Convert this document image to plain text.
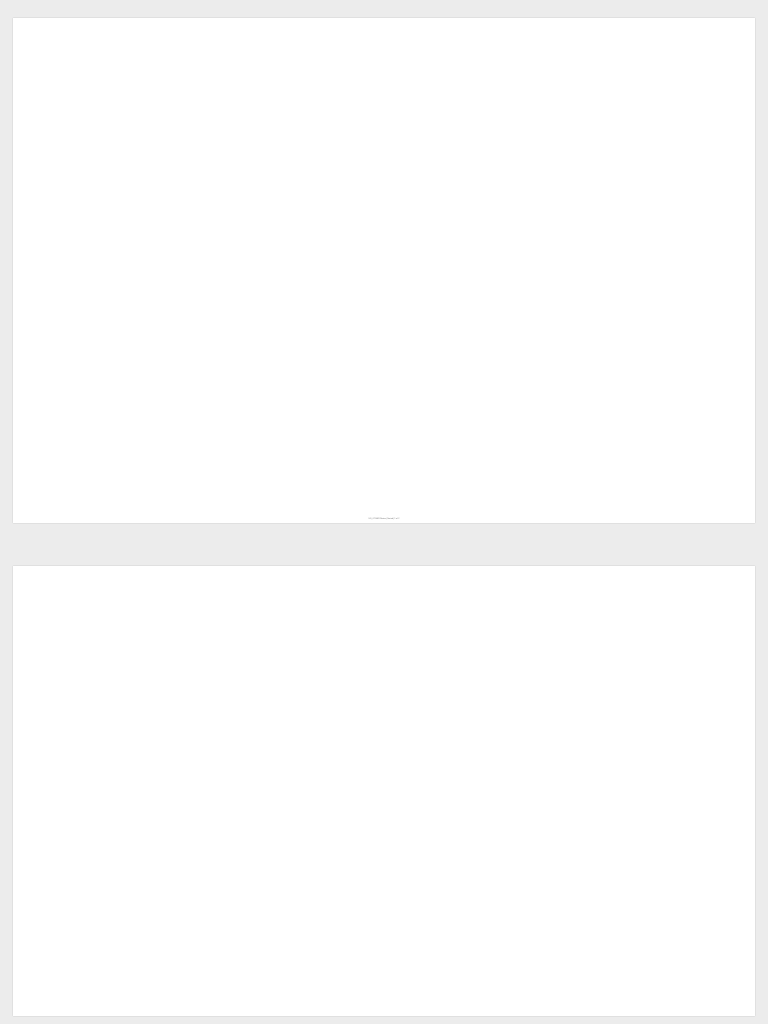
───────────────────	────	───	────	────	───────────────────────────────	─────────────	─────────────	──────────────────────────────────────	─────	───────	────────	───────────────────────────────────────────────────────
──────────────	────	───	─────	────	─────────────────────	─────────────	──────────────────	───────────────────────────	──────	────────	─────
────────────────────	────	────	───	──────	─────────────────────────────	──────────	──────────	────────────────────────────	─────────	─────	──────	──────────────────────────────────────────────────────────────────────────────
──────────────	─────	─────	────	────	────────────────────────────	──────────────	───────────────────────────	─────	─────	────	───────────────────────────────────────────────────
──────────────────────	────	───────	────	────	───────────────────────────────	────────────────	────────────────────────────────────────	──────	────	─────
────────────	───	──────	──────	──────	────────────────────────────────────────────	───────────────	────────────────────────────────────────────────	───────	───	──────	────────────────────────────────────────
─────────────────	────	──────	────	──────	────────────────	─────────────	───────────────────────────────────────	────	────────	──────
────────────────────	───	───	──────	──────	────────────────────────	──────	───────────────	──────────────────────────────────────────────────	────────	───────	─────
─────────────	──	───	───	────	─────────────────────────────────────────	────────	──────────────────────────────────────────	────	────	───────	────────────────────────────────────────────────
──────────────	───	──────	───	───	────────────────	───────	──────────────────────────────────────	────	─────	──────	─────────────────────────────────────────────────────────────────────
──────────────────	────	────	───────	─────	───────────────────────────────────	────────	───────	─────────────────────────────────────────────────────────	────	───	─────	──────────────────────────────
─────────────────────	───	────	─────	──────	────────────────────────────────	────────	──────────────────────────────────────────────────────────	────────	─────	─────────
──────────────────	─────	──────	────	────	─────────────────────────────────────	─────────────────	────────────────────────────────────────────	──────────	──────	─────────
───────────	─────	─────	─────	────	───────────────────────────────────────	────────────	────────────────────────────────────────	─────────	───────	────	──────────────────────────────────────────────────────
────────────────────────────	────	───	──────	───	──────────────────────	──────────	───────────────────────	──────────	─────	────
─────────────	────	────	──────	───	───────────────────────────────────────────	───────────	───────────────────────────────────────────────────────	─────	─────	──────
────────────────────	──	───	─────	───	────────────────────────────	──────────	───────────────────────	────	───────	──────
──────────────────────────	──	────	───	────	─────────────────	────────────	────────────────	───────────────────────	───────	────	──────	────────────────────────────────────────────────────────────────────
───────────────────	──	─────	──────	──────	────────────────────────────	────────────────	──────────────────────────────────────	────	────	────
─────────────────────	─────	────	────	───	─────────────────────	──────────────	──────────────────────────────────────────────────────	────────	────	───────	──────────────────────────────────────────────────────────────────
───────────────────────────	────	────	────	────	─────────────────────────────────	────────	────────────────	────────────────────────────────────────────────────	───────	──────	───────
───────────	──	────	───────	─────	────────────────────────────────────────────	────────────────	───────────────────────────────────────	────	───────	──────	──────────────────────────────────────────
───────────	───	────	───────	─────	──────────────────────────────────	───────	────────────────────────────────────────	─────	─────	──────	─────────────────────────────────────────────────────────
────────────────────	──	─────	─────	────	───────────────────	─────────	────────────	──────────────────────	────────	───	────	────────────────────────────────────────────────────
──────────────────────	─────	──────	───	──	─────────────────────────────────────────	────────────────	────────────────────────────────────────────────────	───────	────────	────	──────────────────────────────────────────────────────────────
───────────	────	────	────	──────	──────────────────────────────────	───────────	───────────────	──────────────────────	─────	───	──────	──────────────────────────────────────────
───────────────────	───	─────	───────	──	───────────────────────────	──────	────────	───────────────────────────────────	────	─────	────
───────────────	────	─────	─────	──────	────────────────────────────────────	───────────────	────────────────────────────────────────	─────	───────	─────
──────────────────	───	──────	───	────	─────────────────────────────	────────────	──────────────	──────────────────────────────	────────	───	──────
───────────	───	────	──	────	──────────────────────────────────────	───────	──────────────────────────────────────────	──────	──────	────
──────────────────	────	──────	───	──────	────────────────────────────────────────	─────────	──────────────────────────────────	──────	────────	────────
─────────────────	───	──────	───	─────	─────────────────────────────────	──────────	───────────────────────────────────────────────	────	─────	──────	────────────────────────────────────────────────────────
──────────────	──	───────	─────	───	───────────────────────	─────────	───────────────────────────────────────────────────	────────	─────	─────────	────────────────────────────────────
──────────	────	──────	─────	──	─────────────────	────────	──────────────────	──────────────────────	────	────	───────
────────────	───	─────	───	────	─────────────────	───────────────	──────────────────────────────────────────────────	──────────	────	─────────
───────────────────────	──	───	────	────	───────────────────────────────────────	───────────────	─────────────────────────────────────────────────────────────	─────────	────	─────
───────────────	────	────	────	───	─────────────────────────	─────────────────	──────────────────────	──────	────	─────────
────────────────────────	──	────	──────	────	────────────────────────────────────────	──────────	──────────────────────────────────────────────────────	────────	───────	────────
─────────────────────	──	──────	───────	───	──────────────────────────────	───────────	────────────────────────────	──────	────	─────	─────────────────────────────────────
─────────────	───	─────	────	───	─────────────────────────────────────	──────	────────	──────────────────────────	───────	─────	───────	─────────────────────────────────────────────────────────────
─────────────────────────	─────	────	─────	─────	────────────────────	─────────────	────────────────────────────────	───────	───	────
──────────────────────	──	──────	──────	──────	───────────────────────────	─────────────	────────────────────────────────────────────────────	─────────	───────	──────
───────────────────────	────	───────	──	──	───────────────────────────────────	──────────────────	────────────────────────────────	────	───────	─────
───────────────────────────	──	───	──────	───	────────────────────	────────────────	──────────────────────────────────────────────────────	───────	──────	────────	────────────────────────────────────────────────────────────────────
─────────────	──	──────	─────	──	──────────────────────	────────	──────────────────────────────────	──────	───────	───────
────────────────────────	───	────	───	───	─────────────────────	─────────	──────────────────────────────────────────────	────	────	──────────	──────────────────────────────────────────────────
──────────────────────	─────	───	───	──────	───────────────────	───────	───────────────────────────────────────	────	──────	────────
───────────────────────────	──	───	─────	────	────────────────────────────────────────	────────────────	──────────────────────────────────────────────────	────	───────	─────
─────────────────────	─────	──────	───────	───	───────────────────────────────────────	────────	─────────────	───────────────────────────────────	─────────	──────	─────	────────────────────────────────────
───────────────	────	──────	──────	─────	─────────────────────────────────────	─────────────	────────────	──────────────────────────────────────────────────────	──────	──────	─────
───────────────	────	─────	───	─────	────────────────────────────────────────────	────────────────	───────────────────────────────────────	────────	────	──────	───────────────────────────────────────────────────────
─────────────────	───	───────	──────	──────	─────────────────	──────────────────	─────────────────────────────	────	───	─────────	──────────────────────────────────────────────────────
───────────────	─────	──────	───	───	─────────────────────────	─────────────	─────────────────────────────────────────	─────	───	────────
──────────────	────	──────	─────	───	───────────────────────	─────────	───────────────────────────────────────────────	────	───	─────	────────────────────────────────────────────────────────────────────────────────
──────────────────	──	─────	──────	───	──────────────────────────────────────────────	──────────────────	───────────────────────────────────────────────────────────	────	──────	────────	────────────────────────────────────────────────────────────────────────────
──────────────────────	────	───────	────	────	───────────────────────	─────────────	─────────	────────────────────────────────────	─────	─────	───────
───────────────────────────	──	────	─────	───	─────────────────────	──────────────	───────────────────────────────────────────	─────	──────	──────────	──────────────────────────────────────────────────────────────
─────────────────────────	────	───	─────	───	────────────────────────	────────	───────────────────────────────────────────────────	───────	────────	─────────
───────────	──	───────	──────	─────	────────────────────────────	────────────	───────────────────────────────	─────	─────	─────────
────────────	────	────	───	───	──────────────────────────────────────────	────────────────	─────────────────────────────────────────────	──────────	───────	─────────
────────────────────────	───	─────	───────	──	──────────────────────────────	──────────────	─────────────────────────	────	──────	─────────
─────────────	─────	────	───────	──	───────────────────────	──────────	──────	───────────────────────────────────	────────	───	─────────	────────────────────────────────────────────────────────────────
──────────────	─────	────	──────	──────	────────────────────────────────	─────────	──────────────────────────────────────────────	──────────	─────	──────────
─────────────────────────	──	───	───────	───	───────────────────────────────────────	─────	────────	─────────────────────────────────────────────────────	────────	──────	──────
───────────────────────	───	──────	──────	──────	─────────────────────────────────────────────	────────────	───────────────	──────────────────────────────	────	──────	───────
──────────────────────────	───	────	───	────	────────────────	────────────────	──────────────────────────────────────────────────────────	─────────	───	───────	─────────────────────────────────────────────────────────────
────────────	──	──────	────	──────	─────────────────────	───────	──────	─────────────────────────────────────────────────	─────	───────	─────────
───────────────────────────	──	─────	───────	──────	──────────────────────────────	─────────────	─────────────────	────────────────────────────────────────────────────	────	────	───────	────────────────────────────────────────────────────────────────────────────
───────────────────────	────	────	──────	─────	──────────────────────────────────────	────────────	───────────────	───────────────────────────	──────	───────	─────
─────────────	─────	──────	────	────	───────────────────────────	────────────	───────────────────────────	─────────	────	───────	──────────────────────────────────────
─────────────────────────	────	──────	─────	──	────────────────────────	─────────────	──────────	──────────────────────	──────	────	───────
───────────────	──	───	───	───	─────────────────────────	───────	────────────────	───────────────────────────────────────────	───────	────	──────────
────────────────────────	────	──────	───────	───	────────────────────────────────────	──────────────	────────────	────────────────────────────────────────────────────────────	──────	──────	───────
────────────────────────	───	─────	───	───	──────────────────────	─────────────	────────	──────────────────────────	─────	───────	────────
───────────────────	──	───	──────	──────	────────────────────────────────────	─────────	───────────	─────────────────────────────────────────────	─────	──────	──────────
────────────	───	──────	───────	─────	──────────────────────────────	────────────────	──────────────────────	─────────	─────	─────────
──────────────────────────	───	─────	─────	─────	────────────────────────────────────────────	────────────	──────────	───────────────────────────────────────────────	────────	────	────────	───────────────────────────────────────────────────────────────────────
───────────────────────	──	─────	───	───	────────────────────	──────────────	──────────────	───────────────────────────────────────────────	────────	──────	───────
────────────────────	────	───────	──────	──────	──────────────────────	─────────	──────────────────────────	────────	───────	────	────────────────────────────────
─────────────────────	─────	────	───	─────	─────────────────────────	─────────────	───────────────────────────	─────	──────	──────
─────────────	───	───	──────	────	────────────────────────────	───────	───────	───────────────────────	──────────	─────	──────	──────────────────────────────────────────
─────────────────	───	─────	─────	─────	───────────────────	───────────────	─────────────────────────	────	───────	──────────	───────────────────────────────────────────────────────────
─────────────	──	───	───	───	──────────────────────	─────────────	─────────────────	─────────────────────────────────────────────────────────────	────────	────────	────────	──────────────────────────────────────────────────────
─────────────────────────	──	───	──────	─────	───────────────────	────────────────	──────────────────────	─────────	────	─────
───────────	──	───	───────	──	─────────────────────────────────	─────────	─────────	─────────────────────────────	──────────	──────	──────
───────────────	───	────	─────	───	──────────────────	───────────────	───────────────────────────────────────	─────	───	─────────
─────────────────────	────	────	───────	────	─────────────────────────────────────	──────────	──────────────────────────	──────	───	────
────────────────────────	─────	──────	───	──	──────────────────────────────────────────────	─────────────────	─────────────────────────────────────	──────────	───	──────	────────────────────────────────────────────────────────────────
───────────────────	─────	────	───	──	───────────────────────────	─────────	─────────────────────────────────	─────	────────	──────
─────────────────	──	────	───	───	───────────────────────────────	────────────	───────────────────────────────────────────────	─────	───────	────	────────────────────────────────────────────────────
──────────────────	───	──────	───────	─────	───────────────────────────	──────────────	────────────	─────────────────────────────────────	──────	──────	────	─────────────────────────────────────
──────────────────────	───	─────	─────	─────	────────────────────	──────	───────────	──────────────────────────────────────────────────────────	────────	───────	─────
──────────────────────	───	────	────	───	────────────────────────	─────────────	───────────────────────────	──────	────	──────
────────────────────	───	───────	───────	────	──────────────────────────────────	──────────	──────────────────────────────────────────────	───────	───	──────
─────────────────	───	────	─────	───	─────────────────────	────────	─────────────────────────────────────────────	──────────	─────	──────────	──────────────────────────────────────────────────────────────────
────────────────────────	─────	────	────	────	──────────────────────────────────	──────────	───────	────────────────────────────────────────────────	──────	────	────	─────────────────────────────────────────
────────────	─────	──────	───────	────	─────────────────	──────────	─────────────	───────────────────────	───────	───────	────
────────────	────	─────	───────	───	──────────────────────────────────	────────	───────────────────────────	────────	───────	───────
────────────────────────	───	─────	────	──	──────────────────────────────────────────────	────────────	─────────────	────────────────────────────	─────	─────	────
───────────────	───	─────	────	────	───────────────────────	───────────	─────────	─────────────────────────────────────────────────────	──────	────────	────	────────────────────────────────────────────────────────────────────
──────────────	──	───	──────	──────	──────────────────────────	─────	──────────────────	─────────────────────────────────────────	─────────	─────	───────
───────────────────────────	───	──────	───	──────	─────────────────────────────────────────────	─────────	──────────────────────────────────────	────	──────	───────
──────────────────────────	─────	────	───	─────	───────────────────────────────────────────	─────────────	───────────────────────────────────────────	───────	───────	────────
────────────────────────	────	────	──	───	─────────────────────	───────────	────────────────────────────────────────────────	─────────	───────	────	───────────────────────────────────────────────────────────────────────
───────────	───	──────	──────	──	─────────────────────────	──────────	───────────────────────────────────────────────	──────	───────	─────	──────────────────────────────────────────────────────────────────────
────────────────────	───	──────	───────	────	───────────────────	─────────────────	───────────────────────────────	─────────	────	───────	─────────────────────────────────────────────────────────
─────────────────────	──	─────	──────	───	──────────────────────────────	──────	────────────────	───────────────────────────────────────────────	─────────	───	──────	──────────────────────────────────────────────────────
────────────────────────	───	─────	────	─────	────────────────────────────────────────	─────────────────	─────────────────────────────────────────	───────	───	────	─────────────────────────────────────────────────────────────────────────
──────────	───	─────	──────	──────	─────────────────────────────────	───────	──────────────────────────────────────	──────────	────	──────
──────────────────────────	──	────	────	─────	────────────────────────────────────────────	───────────────	─────────────────────────────────────────────────────────	─────────	───────	──────
───────────────────────────	──	──────	──────	───	───────────────────	───────────	───────────────────────────────────────────────────	──────	───────	─────
───────────────────────────	────	──────	────	──	────────────────────────────	─────────	─────────	────────────────────────	─────	──────	──────
────────────	───	───────	──	──────	────────────────────────────────────	──────────────────	──────────────────────────────────────────	─────────	───	─────────
────────────────────────	───	────	────	──	─────────────────────────────────────	───────────	──────────────────	───────────────────────────────────────────────────────	──────	──────	────────
───────────	──	────	──────	────	────────────────────────	────────	──────────────────────────	─────	───────	─────
──────────────────────	──	─────	───	──	─────────────────────────	──────────────	───────────────────────────────────────────────────────	─────────	────	──────
───────────	────	────	──────	─────	────────────────────────────	────────	────────────────────────────────────────────────	─────	─────	───────
─────────────────────────	───	───────	───────	────	────────────────────────────────────────────	──────────────	──────────────────────────────	───────	───	─────
───────────	───	─────	───	──	────────────────────────────────────────	──────────────	────────────────────────────────	─────	──────	─────	──────────────────────────────────────────────────────────
────────────	────	─────	────	───	──────────────────────────	──────────────	─────────────────────────	────────	────────	─────
───────────────────────	───	────	────	─────	─────────────────────────────────────	──────────────	────────────────	─────────────────────────────────────────────	─────	────	────	─────────────────────────────────────────────────────
─────────────	─────	──────	───	──	──────────────────────────────	───────	─────────────────────────────	───────	────	─────
───────────	──	─────	───────	───	─────────────────────────	────────────────	──────────────────────────────────────────	───────	─────	───────	─────────────────────────────────────────────────────────────
─────────────────────────	───	─────	──────	─────	─────────────────────────────────────────	───────────────	─────────────────────────────────────────────────────	──────	──────	─────────
──────────	───	─────	───	──────	──────────────────	────────────────	────────────────────────────────────────────────────	───────	─────	────
───────────────	───	──	──────	──────	────────────────────────────	─────────	───────	────────────────────────────	─────	─────	──────────
───────────	──	───	───	─────	────────────────────	──────────	───────	─────────────────────────────────────────────────	──────────	────	──────────	────────────────────────────────────────────
──────────────────	──	────	─────	────	─────────────────────	────────	──────────────────────────────────────────────────────────	──────	─────	────
──────────────────────	──	──────	────	───	────────────────────────	────────	────────────────────────────────────────────────────────────	─────────	───	─────
─────────────────────	───	───	───────	──	────────────────────────	───────────	─────────────────────────────────────	─────	───	─────────
───────────────	──	──	─────	────	───────────────────────	──────────────	───────────────────────────────────────────────────────	────	───────	─────	────────────────────────────────────────────
────────────────────────────	────	──────	────	────	───────────────────────────	─────────────────	───────────────────────────────────────────────────	────────	────	─────
──────────	──	──────	─────	───	──────────────────────────────────────	───────────	───────────────────────────────────────────────────────	────────	─────	───────	─────────────────────────────────────────────────────────────────────
─────────────	──	─────	────	──────	────────────────────────────────	──────────────	────────────────	─────────────────────────────────────	─────────	───	─────
────────────────────	──	────	──────	────	────────────────────────────────────────	─────────────────	────────────────────────────────────────────────	─────────	──────	──────
───────────────────────────	───	─────	─────	─────	───────────────────────────────	───────────	─────────────────────────────────────────────	─────────	─────	─────
────────────────	─────	──────	─────	──	─────────────────────────────	───────	────────────────────────────────────────────────────	────────	─────	────	───────────────────────────────────────────────
──────────	─────	────	──────	──────	─────────────────	────────────────	─────────────────────────────────────────────	─────────	───────	───────
───────────────────	──	─────	────	──	────────────────────	─────────────	─────────────────────────────	───────	───	────
────────────────────────────	──	───	──────	──────	────────────────────────	────────────────	────────────────────────	────────	────	─────────
──────────────────	─────	───────	───	──────	──────────────────────────	────────	───────────────────────	─────────	────────	───────	───────────────────────────────────────────────────────────────────────
─────────────	──	───	─────	─────	──────────────────────────	──────────────────	─────────────────────────────────────────────────────────	───────	──────	────	───────────────────────────────────────────────────────────────────────
───────────────────	──	───	────	─────	─────────────────────────────────────────────	──────────	───────────────────────────────────────────────────	────────	──────	─────────
───────────────────────	────	───	────	────	──────────────────────────────────────────────	────────	──────────────────────	────	───────	───────	────────────────────────────────────────────────────────────────────
─────────────────────────	──	─────	─────	─────	──────────────────────────────────	─────────	───────────────────────────────────	──────	────────	────
───────────────	───	─────	──────	─────	─────────────────────────────────────────────	─────────	──────────────────────────────	─────────	─────	────────	────────────────────────────────────────────────────────────────────────────────
───────────────────────	──	───	──────	────	──────────────────	───────────	──────────────────────────────────────────	──────────	────	─────────
──────────────────────	───	────	───────	────	──────────────────────────────────────────────	────────────────	──────────────────────────────	───────	──────	──────
───────────────	─────	──────	────	───	───────────────────────────────	─────────────	──────────────	──────────────────────────────────────────────────────────────	────	──────	───────
──────────────────────	──	───	────	──────	─────────────────────────────────────────	───────────	───────────────	────────────────────────────────	────────	─────	─────
──────────────	────	───	─────	────	────────────────────────────	───────────────	────────────────────────────────────────────	───────	─────	────	─────────────────────────────────────────────────────────────────────────────
───────────────	─────	──────	──────	───	─────────────────────────────────	──────────────	────────────────────────────────────────	────────	──────	──────────	─────────────────────────────────────────────
───────────────────	───	────	─────	─────	──────────────────────	─────────────────	───────────────────────────	──────	────	────────	───────────────────────────────────────────────────────────────────────────
───────────	──	─────	───────	────	──────────────────────────────	──────────────────	─────────────────────────────	──────	───────	────
──────────────	───	─────	───────	──────	─────────────────────────────────	─────────────	────────────	──────────────────────────────────────────────	───────	──────	──────
─────────────────────	──	───	──────	──────	────────────────────────────────────────	─────────────	──────────────────────	──────────	────	────
───────────────────	────	──────	──────	─────	──────────────────────────────────────	──────	───────────	─────────────────────────────────────────────	────	───	────
──────────────	──	────	────	────	──────────────────────────────	─────────────────	──────────────────────────────────────────────────────────	────────	─────	──────────
────────────	──	──────	─────	─────	──────────────────────────────	────────	─────────────	──────────────────────────	─────	─────	────
──────────────────────	───	──────	────	────	──────────────────────	─────────────	─────────────	──────────────────────────────────────────────	─────────	─────	─────────
───────────	───	───	───────	────	─────────────────────────────	────────────────	─────────────────────────────────────────────────────────────	────	───────	─────	───────────────────────────────────────────────────────────────
───────────────────	───	───────	────	─────	─────────────────────────────────────────────	─────────────	─────────	───────────────────────────────────	────	────	─────	──────────────────────────────────────
─────────────────	─────	─────	───	───	────────────────────────────────────────────	──────────	─────────────────────────────────────────────	────	──────	──────────	──────────────────────────────────────────────────────────────────
──────────────────	───	──────	─────	────	─────────────────────────────	──────────────	────────────────────────────────────────────────────────────	─────────	────	─────────	─────────────────────────────────────────────────────────────────────────────
─────────────────	───	──────	───	────	──────────────────────────────────	───────────────	────────────────────────────────────────────	─────────	────	────
────────────────────────	────	───	─────	─────	──────────────────	──────────	─────────────	─────────────────────────────────────────────────	────────	────	─────────
──────────────	──	────	───	────	───────────────────────────────────────────	─────────────────	──────────────────────────────────	────────	─────	────
──────────────────────	────	──────	───────	───	───────────────────────────────	───────────────	────────────────────────────────────────────────────	─────	───	─────────	────────────────────────────────────────────────────────────────────────────
────────────	────	─────	───	────	───────────────────────────────	─────────────	────────	──────────────────────────────────────────────────	─────	───────	─────
─────────────	─────	────	────	────	──────────────────	─────────	──────────────────────────────────────	─────	──────	─────────
─────────────────────────	────	───────	─────	────	─────────────────────	─────────	───────────────	───────────────────────────────────────────────────────	─────	────	─────	─────────────────────────────
─────────────────────────	────	─────	──────	──	────────────────	─────────────────	─────────────────────────	────	─────	────	───────────────────────────────────────────────
───────────────────	───	──────	─────	──	───────────────────────────	────────────────	────────────────────────────────────	──────────	────────	─────
───────────────────────────	───	────	───	───	───────────────────────────────────	─────────	─────────	────────────────────────────	────	─────	────────
────────────────────────	──	─────	──────	─────	─────────────────────────	──────────	─────────────────────────────────	────────	────────	─────────
─────────────	────	──────	────	─────	─────────────────────────────────	────────────	──────────	────────────────────────────────────────────	────	──────	─────	────────────────────────────────────────────────────────────────
──────────────────────	───	───	───	──	───────────────────	────────────	─────────	──────────────────────	─────────	────────	─────
────────────────────	──	──────	─────	───	───────────────────────────────────	───────	────────────────────────────────────────	─────	───────	────────
─────────────────────────	─────	────	──────	────	──────────────────────────────	──────────	───────────	─────────────────────────────────────────────────────────	─────────	──────	─────────
─────────────────	───	─────	────	─────	──────────────────────────────────────────	──────────	──────────────────────────────────────────────────────────	─────	───────	────	───────────────────────────────────────────────
───────────	────	─────	───────	────	─────────────────────────────────────	────────────────	──────────────────────────────────	────────	────	────────	───────────────────────────────
─────────────────	────	──────	──────	───	──────────────────────────────────────	──────	───────────	────────────────────────	────	────	─────────
──────────────────	──	──────	──────	──────	───────────────────	───────	───────────────────────────	────────	──────	─────	───────────────────────────────────────────────
────────────────────────	───	────	───	─────	─────────────────────────	──────────	────────────────────────────────────────	──────	───────	─────	───────────────────────────────────────────────────────────
─────────────	──	───	─────	───	───────────────────────────────────	────────────────	───────────────────────────────────────────────────	───────	────	─────────
──────────────────────	──	────	──────	────	────────────────────────────────	────────────	──────────────	──────────────────────────────────────────────────────	────────	────	──────
────────────────────	───	───	───	─────	───────────────────────────────	─────────────	─────────────────────────	─────────	────────	──────
─────────────	────	─────	──────	─────	─────────────────────────────────	─────────	───────────	────────────────────────────────────────────────────────────	────────	─────	─────
──────────	────	──────	─────	────	────────────────────────────────────	─────────	─────────────────────────────────────────	───────	────	────────
───────────────────────────	─────	────	──────	───	─────────────────────	────────	────────────	──────────────────────────────────────────────────	───────	───────	───────	─────────────────────────────────────────────
───────────	─────	─────	───────	──────	────────────────────	───────────────	──────────────────────────────	─────────	──────	─────
───────────────	────	──────	───────	──	──────────────────────────────────────────	──────────────	────────────────────────────────────────────────────	─────────	───────	────────	─────────────────────────────────────
────────────────	─────	───────	──────	──────	────────────────────────────────────	────────────	───────────────────────────────────────────────────	───────	────────	───────
────────────────────────	───	───	────	──	──────────────────────────────────────	──────────	────────────────	─────────────────────────────────────────────	───────	───────	────	─────────────────────────────────────
──────────────────────────	───	───	─────	──	──────────────────────────	────────────────	────────────────────────	─────	───	────────	────────────────────────────────────────────
────────────────────────	───	──────	──────	─────	───────────────────	──────────	───────────────────────────────────────────	───────	───────	───────	──────────────────────────────────────────────
────────────────────	───	─────	───────	─────	───────────────────────────────────────	──────	───────────	───────────────────────────────────────────────────	─────	────────	─────────
────────────────────────	──	────	────	──────	────────────────────────	─────────────	────────────────────────────────────────	────	──────	───────	─────────────────────────────────────────────
───────────────────────	───	───	─────	─────	─────────────────────────────────────	────────	─────────────────────────────	─────────	────	────	───────────────────────────────────────
─────────────────────────	────	──────	──────	──	────────────────	────────────	───────────────────────────────────────────────	─────	─────	──────────
──────────────────	───	─────	──────	───	──────────────────────────────────────────────	────────	──────────────────────────────	──────	─────	───────	───────────────────────────────────────────────────
────────────────────	───	─────	─────	──────	─────────────────────────────	──────────	─────────────────────────────────	────	───	───────
───────────────────	────	─────	───	───	─────────────────────────────────────────	───────	────────────	──────────────────────────────────	───────	───	─────────	────────────────────────────────
───────────	─────	──────	─────	──────	──────────────────────────────────	───────────────	───────────────────────	──────────	───────	───────
─────────────────	───	───	───	──────	────────────────	─────────────	─────────────	─────────────────────────	───────	────	──────	───────────────────────────────────────────────────────────
──────────────	───	──────	────	────	─────────────────────────────	────────────────	─────────────────────────────────────────────────────────	─────	────────	───────	─────────────────────────────────────────────
────────────────────────	────	───	───	────	───────────────────	───────	───────────────────────────────────────	────────	─────	───────
─────────────────	─────	────	───	──	──────────────────────	──────	──────────────	─────────────────────────────────────────────────────────	─────────	────────	────────	─────────────────────────────────────────────────────────────────────
───────────	───	────	────	─────	────────────────────	───────────	─────────────	────────────────────────────────────────	────	───	────
───────────────────────────	───	───	──────	────	─────────────────────────────────────────	─────────	─────────────────────────────────────────────────	─────────	───────	─────
──────────────────────	────	────	───	──────	──────────────────────────────────────────	──────────────────	────────────────────────────────────────────────────	──────────	────	───────	───────────────────────────────────────────────────
─────────────────	────	──────	───────	─────	────────────────────────────────	─────────	─────────────────────────────────────	────────	────	────────
────────────────	────	───────	──────	──	───────────────────────────────────────────	──────	───────	────────────────────────────────────────────────────────	─────	───────	─────
─────────────────	────	────	────	────	──────────────────	─────────	──────────────	───────────────────────────────────	────────	─────	────
───────────────────────	────	───	───	──	───────────────────────────────────────────	────────	────────────────────────────────────────────────────	──────	──────	────	────────────────────────────────────────────────────────────────
──────────────	────	───────	──────	───	───────────────────────────────────────	─────────	────────────────────────────────────────────	────	────	────────
───────────────────	────	─────	─────	──────	───────────────────────────────────	───────────────	─────────────────────────────────────────	───────	──────	───────	──────────────────────────────
─────────────	───	────	──────	────	─────────────────────────────────────────	────────────────	──────────────────────────	──────────	───────	───────	─────────────────────────────────────────────────────────────────────────
──────────────────	──	────	────	───	────────────────────────────────────────	───────────────	─────────────────────────────────────────────	─────────	────	────	──────────────────────────────────────
────────────────────────	──	──────	───	───	────────────────────────────────────	───────────────	───────────────────────────	──────────	───	───────
────────────────────────	───	────	───	───	────────────────────────────────────	───────────	─────────────────────────────	─────────	───	─────
────────────────────────────	──	────	────	───	────────────────────────────────────	──────────	───────────────────────────	──────	─────	─────
──────────────	───	─────	───────	──	───────────────────────────────────────	──────────	───────	─────────────────────────	──────	───────	─────
────────────────	──	─────	───	───	───────────────────────────────────────────	──────────────	──────────────────────────	──────	───	────────
───────────────────────	──	──────	───	─────	────────────────────────	──────────────────	──────────────────────────────────────────	────	────	──────────	─────────────────────────────────
───────────	─────	──────	───	───	──────────────────────────────────────	───────	──────────────────────────────────────	────	─────	─────
─────────────────────────	────	───	──────	──────	─────────────────────────────────	───────────────	────────────────────────────────────────────	─────────	────	───────
──────────	────	──────	────	─────	────────────────────────────────	────────	───────────────────────────────	─────────	────────	──────
──────────────────────────	───	──────	────	────	────────────────────────────────	─────────	─────────────────────────────────────────	─────────	────	────	────────────────────────────────────────────────────────────
───────────────────	───	───────	────	───	─────────────────────────────────	─────────────	──────────────────	────────────────────────────────────────────────────────────	──────────	──────	───────
───────────────────────	──	───────	──────	───	───────────────────────────────────	───────	───────────────────────────────────	─────────	────	───────
───────────────	───	──────	────	─────	─────────────────────	───────────	───────	─────────────────────────────────────────────────	─────────	───────	────────
────────────────────────────	───	───────	──────	────	──────────────────────────────────────────	─────────	────────────────────────────────────────────	───────	────────	──────	────────────────────────────────────
──────────────────────────	──	───	────	──	──────────────────────────────────	─────────	───────────────────────────────────────────────────	─────	────────	──────────	──────────────────────────────────────────────────────────────────────────
────────────────────────	──	───	─────	──────	──────────────────────────────	──────────	─────────────────────────	────────	──────	──────
─────────────────	─────	─────	──────	──	───────────────────────────────	────────	───────────────────────────────────────────────────────	─────────	──────	────	──────────────────────────────────────────────────────────────────────────────────
────────────────────	─────	─────	──────	────	─────────────────────────────────────────	─────────	────────	───────────────────────────	────	───	────
────────────────────────	───	───────	──────	────	───────────────────	───────────────	──────────────────────────────────────────────	────────	──────	─────────	──────────────────────────────────────────────────────────────────
─────────────────	────	───	─────	─────	────────────────────────────────	─────────────	──────────────────────────────	─────	──────	───────
─────────────────	──	────	───	───	────────────────────────────────────	─────────	────────────────────────────	────────	──────	─────	─────────────────────────────────────────────────────────────────────────────
─────────────	────	────	─────	──	─────────────────────────────	───────	─────────────────────────────────────────────	─────────	───	─────
────────────────────	────	──────	──────	────	──────────────────	───────	─────────────────────────────────	───────	──────	─────────
──────────────────────────	─────	─────	───	───	─────────────────────────	────────	───────────────────────────────────	────	───────	────
──────────	──	──────	───────	────	────────────────────	──────	─────────────────	───────────────────────────────────────────────────	──────────	──────	──────
──────────────────	────	──────	───	─────	─────────────────────────────	──────────────────	─────────────────────────────	─────	────────	──────
US_OTHER Roster (Sorted) 1 of 2
───────────	────	────	──────	──	─────────────────────────────────────────	────────	─────────────	───────────────────────────────	────────	────────	──────────
────────────────	────	──────	────	───	───────────────────	─────────────	──────────	──────────────────────────	─────────	───────	─────────
───────────────────────────	────	──────	───	───	───────────────────────────────────	────────────────	───────────────────────────────────────────	───────	──────	──────────
───────────────	───	───	───	──	───────────────────	─────────────	────────────────────────────────────────────	─────	────	────	──────────────────────────────────────────────────────────────
──────────────────────────	──	───────	─────	────	───────────────────────────────────────	──────────	──────────────────────────────────────	────	─────	──────
───────────	─────	───	─────	─────	─────────────────────	─────────────────	─────────────────────────────────────────────	──────	───	─────────
─────────────────────	──	───	───────	──	───────────────────────────────────────	──────────────────	────────────────────────────────────────────────────────────	───────	─────	────
───────────────────	───	────	───────	────	───────────────────────────────────────	───────────	────────────	─────────────────────────────	──────	────────	─────────	────────────────────────────────────────────────────
──────────────────	───	─────	────	───	───────────────────────────────	───────────	───────────────────────────────────────────────────────	─────────	────	──────────	──────────────────────────────────────────────────────────────────────────────────
───────────────	────	────	───	────	───────────────────────────────	──────	──────────────────	────────────────────────────────────────────	──────────	────	─────────
────────────────────	───	───	─────	────	──────────────────────────	─────────────────	─────────────────────────────────────	────────	───────	────────
────────────────────	─────	───────	──────	───	───────────────────────────────────────────	───────	─────────────────────────────────────────────────────────	────────	────────	──────
──────────────	────	────	────	───	──────────────────────────────	──────────────	───────────────────────────────────────────	────────	────	─────────
─────────────	─────	─────	───	──	──────────────────────────────────────────────	──────────────	────────────────────────────────────────────────────────	─────────	────	──────	──────────────────────────────────────────
──────────────	───	───────	─────	────	───────────────────────────────────────────	──────	────────────────────────────────────────	────────	─────	────	──────────────────────────────────────────
──────────	──	──────	──────	────	────────────────────────────	───────	─────────────	────────────────────────────────────────────────────────	─────	───────	─────────	───────────────────────────────────────────
───────────────	────	─────	──────	─────	─────────────────────	─────────────────	─────────────────────────────────────	──────────	───────	────────
────────────────────	───	───	──────	──────	─────────────────────────────	─────────────────	────────────────────────────────	─────	──────	──────────	────────────────────────────────────────────
──────────────────────────	──	─────	─────	─────	───────────────────────────────────────────	───────	─────────────	───────────────────────────────────────────	────	───	────────
────────────────────────	───	────	───	─────	─────────────────────────────────	─────────	────────────────────────────────────────────────────────	──────	─────	───────	─────────────────────────────────────────────────────────
────────────	──	───	──────	──────	───────────────────────────────────	────────────────	─────────────────────────────────────	─────────	─────	─────────
────────────────────────	───	──────	─────	────	───────────────────	─────────	────────	────────────────────────	─────────	────	───────	────────────────────────────────
───────────	───	──────	───	───	────────────────	──────────	──────────────────────	────	───────	─────	─────────────────────────────
─────────────	──	─────	───	─────	────────────────────────────────────────	──────────	─────────────────────────────	────	────	────
──────────	─────	────	───────	──	──────────────────────────────────────────────	───────	───────────────────────────────	─────	────	───────
───────────────────────────	──	────	──────	────	───────────────────────────────────────	──────────	───────────────────────────────────────────────────────	────	───────	────
─────────────	────	─────	───	────	───────────────────────────────────	──────────	──────────	────────────────────────────────	───────	────────	─────
───────────────────────────	───	────	──────	──	─────────────────────	───────────────	───────────────────────────────────────	─────	───────	───────
─────────────────────────	──	──────	───	───	──────────────────────────────────────	─────────────	───────────────────────────────────────────────────────────	─────────	─────	─────────	──────────────────────────────────────────────
───────────────────────	────	─────	────	───	──────────────────────────────────	───────────────	────────────────────────────────────────────────────────	───────	─────	────────	───────────────────────────────────────────────────────────
───────────────────────	────	──────	───	───	──────────────────────────	─────────────	─────────────────────────────────────────────────────	────	─────	──────	───────────────────────────────────
────────────────────────	────	───	───	─────	───────────────────────────────────────	─────────────	─────────────	───────────────────────────────────────────────────────────	─────	───────	────
───────────	──	──────	──────	──	─────────────────────────────────────────	────────────	─────────────────	───────────────────────────────────────────────	──────	─────	─────────
───────────────────────────	──	────	─────	─────	───────────────────────────────	──────	──────────	────────────────────────────────────────────────────	──────────	────	─────────
────────────────────	──	───────	──────	────	───────────────────	────────────────	───────────────────────────	─────────	─────	───────
────────────────────	────	─────	──────	───	─────────────────────────────────────	───────	───────────────────────────────	────	───	───────
────────────────────	──	─────	──────	────	──────────────────────────	────────────────	──────────────────────────────────────────────	────────	───────	─────────	───────────────────────────────────────────────────────
────────────────────	──	─────	───────	──────	──────────────────────────────	───────	─────────────────────────────────────────	──────────	───	────	──────────────────────────────────────────
──────────────────────	──	───	──────	──────	──────────────────────────────────────────	─────────────────	──────────────────────────	───────	──────	─────	───────────────────────────────────────────────────────────
─────────────────────	──	───────	──────	────	────────────────────────────	───────────────	─────────────────────────────	───────	─────	─────────	─────────────────────────────────────────────────────────────────
─────────────────────	───	───	───	──	───────────────────────	───────	──────────────────────────────────	───────	──────	─────────
───────────────	──	─────	────	─────	─────────────────────────────	─────────────	────────────	─────────────────────────────────────────	─────	───	──────	────────────────────────────────────────────────────────────
────────────────	────	─────	──────	─────	────────────────────────	─────────────	──────────────────────────────	─────	──────	─────────
───────────	───	─────	─────	────	─────────────────────────────────────────────	─────────────	─────────────────────────────────────	──────	───────	─────
──────────────────────────	─────	───	───	──────	──────────────────────────────────────────	──────────────	───────────────────────────	──────	─────	──────
────────────────────────	─────	────	───	───	──────────────────────────────	─────────────	──────────────────────────────	────	──────	──────────
────────────────────	───	───────	───	────	────────────────────	────────────	────────────────	─────────────────────────────────────────────────────	──────────	─────	──────────	─────────────────────────────────────
─────────────	──	─────	───────	──────	────────────────────────	────────	──────────────────────────────────────	───────	────	───────	───────────────────────────────────────────────────
──────────────────────────	───	────	───	─────	──────────────────────	─────────	──────────────────────────────────────────────	───────	───	─────────
─────────────────────────	───	───	──────	─────	────────────────────────────	─────────	──────────────────────────────────────────────────────────────	─────	────	─────
────────────	────	─────	─────	─────	─────────────────	─────────────	───────────────────────────────	────	───────	────────	───────────────────────────────────────────────────────────────────────
────────────────────	──	──	─────	────	─────────────────────────────────────────	───────	────────────────────────────────────────────────	────	───────	──────────
─────────────	──	──────	──────	────	──────────────────────────────────────────	──────────────	────────────────────────────────────────────	──────────	───────	─────
────────────────────	──	──────	────	─────	─────────────────────────	──────────────	───────────────────────────────────────	────	───	────────	────────────────────────────────────────────────────────
───────────────	────	────	──────	────	─────────────────	────────────	────────────────────────────────────────────────────────────	─────	─────	───────	─────────────────────────────────────────────────────────────────
─────────────	───	─────	────	────	───────────────────────────────────	────────	─────────────────────────────	─────────	──────	────────	─────────────────────────────────────────
───────────────────	───	─────	───	───	─────────────────────────────────────────	────────	────────────────────────────────────────────────	──────	─────	──────
─────────────────────	───	──────	──	──	───────────────────────────────	─────────────	────────────	──────────────────────────────	──────	────	─────────
───────────	───	─────	────	───	─────────────────	─────────────────	───────────────────────────────────────────────────────	──────	──────	─────
───────────	────	────	─────	─────	─────────────────────────────────────	──────────	─────────────────	────────────────────────────────────────────────────────	────────	──────	────────
──────────────	───	─────	───	─────	─────────────────	──────────────────	────────────────────────────────────────────	─────	───	──────	────────────────────────────────────────────────
─────────────	───	─────	───	──────	──────────────────────────────────────	────────	─────────────────────────────────────────────	─────	──────	──────	───────────────────────────────────────────────────────────────
──────────────────────	───	──────	──────	────	──────────────────────	──────────	─────────────	───────────────────────────	────────	────	─────
────────────────────	────	───	───────	───	────────────────────	────────	─────────────────────────────────────────────────────────────	─────────	──────	────	───────────────────────────────────────────────────
───────────────────────	──	──────	─────	────	──────────────────	─────────	──────────────────────────────────────────────────────	─────────	───	──────	────────────────────────────────────────────────────
─────────────	───	─────	─────	─────	──────────────────	─────────	─────────	────────────────────────────────	─────	─────	─────
──────────────	───	────	───────	────	───────────────────────────────────	────────────	────────────	────────────────────────────────────────────────────────	───────	─────	─────────	────────────────────────────────────────────────────────────────────
────────────────────	────	───────	───	────	────────────────────────────────	─────────────────	──────────────────────────────────────────────────────	──────	───────	─────
──────────────────────────	──	─────	────	───	─────────────────────────────────	───────────	────────────────────────────	───────	──────	────────	─────────────────────────────────────────────────────────────────────────────
────────────────────	────	──────	───	──	───────────────────────────────────────────	────────	───────────	──────────────────────────────────────────	────	───────	──────────
───────────────────	─────	────	───────	─────	─────────────────────────────────────	───────────────	──────────────────────────────	───────	─────	─────
────────────────	──	───	──────	────	───────────────────────────	────────	────────────────	────────────────────────────────────────────────────	───────	────────	─────	────────────────────────────────────
──────────────────────────	─────	──────	───	───	─────────────────────────	────────	───────────────────────────	────	─────	────────
──────────────	───	─────	───	────	────────────────────	────────────────	──────────────────────────────────────────────────────	────	─────	──────────
─────────────────────────	──	────	────	─────	──────────────────────────────────────────	─────────────────	─────────────────────────	────	─────	─────
─────────────────	─────	─────	─────	────	─────────────────────────────	──────	────────	───────────────────────────────────────	──────	────────	────
────────────────	───	──────	──────	──────	────────────────────────────────────	─────────────────	─────────────────────────────────────────────────────────	──────────	───────	─────────
─────────────	─────	───	────	────	─────────────────────────────────	─────────	─────────────────────────────────────────	──────	─────	─────	────────────────────────────────────────────
─────────────────	────	─────	───	─────	─────────────────────────	───────	─────────	──────────────────────────────────────────────────	──────	──────	─────
───────────────────────────	──	─────	─────	─────	────────────────────────	───────────	───────────	──────────────────────────────────────────────	─────	────	────────
───────────────	─────	──────	───────	────	───────────────────────────────────────	────────────────	───────────────────────	─────────	─────	──────────
─────────────────────────	──	───	───	─────	───────────────────	────────	────────	──────────────────────────────────────────────────────────	──────	───────	────	──────────────────────────────────────────────
──────────────────────────	───	────	───────	──────	────────────────────────────────────────────	──────────────	──────────────────────────────────────────────────────	─────	───────	─────	──────────────────────────────────────────────────────────────────────────────
────────────────────────	──	────	──────	───	─────────────────────────────	───────	─────────────────────────────────────────────────	────────	───────	───────
──────────────	───	────	─────	────	─────────────────────────────────────	────────	───────	─────────────────────────────────────────	───────	───────	──────────	───────────────────────────────────────────
───────────	──	───────	───	────	───────────────────────	───────────────	────────────────────────────────────────────	────	────	─────
───────────────────	─────	──────	───────	─────	───────────────────────	───────────	────────────────────────	────────	───	─────────	─────────────────────────────────────────────
──────────────────────────	──	─────	──────	────	─────────────────────────────────────────────	───────────	─────────────────────────────────	─────	─────	────────
──────────────────────────	─────	──────	────	──────	───────────────────────────────────	─────────────	─────────────────────────────────────────────────	─────	────────	──────
──────────────────────	──	───────	───	────	────────────────────────────────────────────	───────────────	─────────────────────────────────────	───────	────	───────
────────────────────	──	──────	───	───	────────────────────────────────────────────	────────	─────────	───────────────────────────	─────────	────	───────
───────────	─────	───	────	────	──────────────────────────────────────	─────────────	──────────────────────────────────────	─────	───────	───────	────────────────────────────────────────────────────────────────
────────────────────────	────	────	────	────	───────────────────────────	─────────	───────────────────────────	──────	─────	────
───────────────	────	──────	────	───	──────────────────────────────────	─────	─────────	───────────────────────────────────────────────────────	─────────	────	────
─────────────────────────	──	─────	─────	───	───────────────────────	──────────	─────────────────────────────────────────	──────	─────	────────	─────────────────────────────────
────────────	───	─────	────	───	──────────────────────────────────	──────────────	──────────────────────────────────	────────	───	─────
───────────────────────────	────	───	──────	───	───────────────────────────	─────────	────────────────────────────────────────────────────────	───────	───	──────────
─────────────	──	───	───────	──────	───────────────────────────────	─────────────	────────────────────────────────────	──────	──────	──────────
──────────────	─────	─────	───	────	─────────────────────────────────────────────	─────────────────	─────────────────────────────────────────────────	────	────────	────
──────────────────────────	───	─────	───	───	─────────────────────────────────	────────────	─────────	───────────────────────────	────────	───────	────────	─────────────────────────────────
────────────────	──	───	────	───	───────────────────────────────────	─────────	────────────────	───────────────────────────	────	────	─────────	──────────────────────────────────
───────────────────	────	───	─────	──────	───────────────────────────	────────	────────────────────────────────────────────	────	──────	──────────	─────────────────────────────────────
───────────	───	──────	───	───	─────────────────────────	────────────────	──────────────────────────────────────────────────────	───────	────────	─────────	──────────────────────────────────────────────────────────────────────────────
─────────────────────────	──	───	───	─────	──────────────────────────────────────────	─────────	──────────────────────────────────────────────────	────────	──────	────
───────────────────	──	─────	───	─────	────────────────────────────────────────────	─────────────	────────	─────────────────────────────────────────────	─────	───────	─────	───────────────────────────────────────────────────────────────────────────────
────────────────	──	────	────	───	────────────────────	───────────	───────────────────────────────────────────────────────────	──────────	──────	────	─────────────────────────────────────────────────────────────
──────────	──	─────	───	──────	─────────────────	─────────	────────────────────────────────────	────────	─────	──────────
───────────────────────	───	──────	──────	─────	───────────────────────	─────────────────	────────────────────────────────	───────	────────	──────	─────────────────────────────────────────────
───────────	─────	─────	─────	────	────────────────────────────────────────────	─────────	──────────────────────	──────	──────	────	───────────────────────────────────────────────────────────────────────────────
───────────────────────	────	──────	───	────	─────────────────────────	───────────	───────────────────────────	──────	────	────────	──────────────────────────────────────────────────
──────────────	───	────	────	────	─────────────────────	──────────────────	────────────────────────────────────────────────	────────	────	────
──────────────────────────	────	───────	───	────	───────────────────────────────────────	───────	─────────────────────────────────────────────	────	─────	─────────
─────────────────────────	─────	─────	─────	───	───────────────────────	──────	──────────────────	────────────────────────────────	─────	────	─────────
─────────────────────	────	────	────	──────	──────────────────	────────	──────────────────────────────────────────────	───────	──────	──────
───────────	────	───	─────	──────	───────────────────	─────────────	───────────────────────────────────────────────────────	─────────	───	─────────
──────────────────────────	────	──	────	────	───────────────────────────────────────	───────	──────────────────────────────	─────────	─────	────────
───────────────	────	───	───────	─────	─────────────────────	─────────	───────────────────────────────────	─────	─────	────
───────────────────────	─────	──────	──────	──	────────────────────────────────────	───────	────────────────────────────────────────────────────────	────	────	────────	─────────────────────────────────────────
─────────────────────────	─────	───	────	───	──────────────────────────────────────	─────────────	───────────────────────────	──────────	─────	─────────
──────────────	───	──────	────	──	─────────────────────────	─────────	─────────────────────────────────────────────────────────────	───────	─────	────	─────────────────────────────────────
─────────────	──	─────	─────	───	───────────────────────────	───────────	────────────────────────────────────────────────────	────────	───────	─────
─────────────────────────	──	───	───────	──	────────────────────────	──────────	─────────────────────────────	──────	────	─────	──────────────────────────────────────────────────
───────────	──	───	──────	──	────────────────────────────────────────	──────────	─────────────────	──────────────────────────────────	─────	───────	─────────	─────────────────────────────────
───────────────────────────	──	───────	────	───	───────────────────────────────────────────	──────	──────────	───────────────────────	────	──────	─────
─────────────────	───	───	──────	────	─────────────────────────────────────────	────────────	───────────────────────────────────────	───────	─────	─────
─────────────────────────	────	────	───	──────	────────────────────────────────────────	────────────────	─────────────────────────────────────────	────	─────	─────────
──────────────────	───	─────	───	───	────────────────────────────────	──────────────────	───────────────────────────────────────────────────────────	─────	────	────
───────────	───	───	───	────	─────────────────────────────	──────────────	──────────────────────────────────────────────────────────────	──────	────	─────
─────────────────────	───	────	────	──	────────────────────────────────	────────────	───────────────────────────────────	──────	────	─────
────────────────────────	────	──────	────	──────	────────────────────────	─────────────	─────────────────────────────────────────────	───────	────────	────
───────────────────	───	───	─────	────	──────────────────────────────	─────────	────────────────────────────────────────	─────	───────	───────
──────────────────────	─────	────	────	───	────────────────────────────────	────────────	─────────────────	───────────────────────────────────	────	───────	───────
────────────────────	───	────	─────	─────	────────────────────────	───────────	────────────────────────────────────────	───────	──────	──────	───────────────────────────────
─────────────────────	────	──────	────	─────	──────────────────────────────────	──────────	──────────────	─────────────────────────────────────────	────────	─────	───────
───────────────	─────	────	──────	──	─────────────────────────────────	───────	────────────────	──────────────────────────────────────────────────────────	──────────	─────	───────
───────────────────────	───	─────	───	─────	──────────────────────────────	───────	────────────	────────────────────────────────────	─────	───	─────────	────────────────────────────────────────────────────────────────
────────────	───	──────	──────	───	───────────────────────────────────	────────	────────────────────────────────────────────────────────	─────	───────	────────	────────────────────────────────────────────
───────────────────────	────	───	────	─────	─────────────────────────────────────────────	─────────────	──────────────────────────────────────────────────────────	───────	──────	───────	───────────────────────────────────
────────────	─────	─────	────	───	──────────────────────────────────	────────────	───────────	────────────────────────────────────────────	────────	─────	───────	───────────────────────────────────
───────────────────────	───	───────	─────	──	─────────────────────	─────────────	───────────	──────────────────────────────	─────	───────	────
─────────────	──	───	─────	──────	──────────────────────────────	──────────────	─────────────────────────	────────	────────	─────	─────────────────────────────────
───────────────────	───	─────	───	─────	─────────────────────────────────────	──────────────────	──────────────────────────────────────────────────────────────	───────	────	─────────	─────────────────────────────────────────────────────────────────────────────────
──────────────────────	────	─────	──────	─────	───────────────────────────────────	────────────────	─────────────────────────────────────	────	────	─────
───────────────────	────	───────	───────	───	─────────────────────────	────────	─────────────────────────────────────────────	──────────	───────	─────
──────────────────────────	───	──────	─────	──────	───────────────────────────	─────────────	──────────────	────────────────────────────────────────	─────────	───	───────	──────────────────────────────
───────────	───	───────	────	─────	─────────────────────	───────────────	────────────────────────────	───────	───────	──────
────────────────	──	───────	──────	──	────────────────────	──────────	──────────────────────────────────────────────	─────────	─────	────────
──────────────────────────	─────	─────	───────	────	─────────────────────────────────────	───────	─────────	────────────────────────────────────────────────────────────	────	─────	────────
────────────────────────────	────	──────	───	────	────────────────────	────────────	────────────────────────────────────────────	────	────	──────
────────────────────────	──	────	──────	──────	────────────────	─────────────	───────────────────────────────────────────────────	────	────	──────────
─────────────────	──	───────	─────	─────	─────────────────────────────────	──────────	───────────────────────	────	────────	─────────	────────────────────────────────────────
───────────────────	───	─────	────	───	───────────────────────────	────────────	────────────────────────	─────	──────	────	───────────────────────────────
────────────────────────	─────	───	─────	──────	───────────────────────	───────────	─────────────────	──────────────────────────────────────	──────	─────	─────
────────────────	────	───	───────	────	───────────────────────────────────────	─────────────────	──────────────────────────────	────	─────	─────────
─────────────────	──	────	───	───	───────────────────────────────────────────	──────	─────────────────────────────────────────────────────	─────	──────	─────	───────────────────────────────────────────────────
──────────────────────────	────	───────	───	───	─────────────────────────────────	──────	───────────────	──────────────────────────────────────	─────────	───────	───────
───────────────	────	────	─────	─────	─────────────────────────────────────────────	────────────	────────────────────────	────	───────	────	────────────────────────────────────────────────────────────────────────
────────────────	────	───	────	──────	─────────────────────	─────────────	────────────────────────────────	────	────────	─────────
────────────────	───	──────	────	───	────────────────────────────────────	────────────	───────────────	──────────────────────────────────────────	───────	─────	───────
─────────────	────	───	────	─────	─────────────────────────────────────────	────────────	──────────────────────────────────────	──────────	───────	─────	─────────────────────────────────────────────────────────────────────────────────
──────────────────────	───	────	────	───	─────────────────────────────────	──────────────	────────────────	─────────────────────────────────	────	──────	───────	─────────────────────────────────────────────
─────────────────────	───	────	──────	───	───────────────────────	───────	─────────────────────────────────	──────	─────	─────────
──────────────────────	────	─────	────	─────	────────────────────────────────────────────	──────────────	─────────────────────────────────────────────────────────	──────────	────────	─────────
──────────────────────────	───	──────	───────	──────	────────────────────	──────────────	────────────────────────────────	────	────	───────
─────────────────────────	────	─────	───	─────	─────────────────────────────	────────	─────────────────────────────────────────────────────────	────	─────	──────
──────────────	───	────	─────	──	──────────────────────────────────────	──────	─────────	─────────────────────────────────	─────────	────	──────
─────────────	────	───	────	──	─────────────────────────────	─────────────	───────────────────────────	───────	──────	───────	─────────────────────────────────────────────────────────────────────────
──────────────	──	─────	─────	───	────────────────	────────	───────────────────────────────────────────────────────	───────	─────	──────	───────────────────────────────────────────
───────────	─────	────	────	────	──────────────────────────────────────	────────	──────────────────────────	────	─────	─────────
───────────────────	───	───	───────	──────	────────────────────────────	──────	───────────────	───────────────────────────────────────────────────	──────	─────	─────────
─────────────	─────	────	───	────	───────────────────	────────────────	─────────────────────────────────────────	────────	─────	─────────	─────────────────────────────────────────────────────────────────────────
─────────────────────────	───	────	──────	───	─────────────────────────	──────────────	───────────────────────────────	─────────	─────	───────
─────────────────────────	────	─────	────	─────	─────────────────────────	────────────	───────────	──────────────────────────────────────────────────────────────	────────	────	────
───────────────────	─────	───	────	──────	────────────────────────────────────	─────────	────────────────	─────────────────────────────────────────────────	─────────	───	──────────
──────────────────────────	────	─────	─────	──	───────────────────────────	──────────────	──────────────────────────────────────────────────────────	───────	───────	───────
───────────────────────────	───	────	─────	────	──────────────────	───────────────	──────────────────────────────	───────	──────	─────
────────────────────────	───	────	─────	────	────────────────────	──────────	─────────────────	──────────────────────────	────	───	─────────
───────────────────────────	─────	─────	──	─────	─────────────────────────	──────────	────────────────────────────	─────	──────	────────	───────────────────────────────────────────────────────────────
─────────────	──	───	───	───	────────────────────	───────	─────────────────────────────────────	────	────────	─────
───────────────	─────	─────	─────	──	──────────────────	─────	───────────	──────────────────────────────────────────	─────	────	────	───────────────────────────────────────────────────────────────
────────────	─────	────	───	───	──────────────────────────────────	────────────	───────────────────────────────────────────────────────────	────	────────	────────
──────────────	───	───────	─────	───	────────────────────────	───────────────	─────────────────────────	──────	─────	─────────
──────────────────────	─────	──────	──────	─────	─────────────────────	───────────────	──────────────────────────	────────	────	────	───────────────────────────────────────────────────────────────────────────
─────────────────────	──	──────	───────	───	────────────────────────────────────	─────────────────	───────────────────────────────────────────────────	────	─────	──────
──────────	───	─────	────	────	───────────────────────────────────	───────────────	─────────────────────────	──────────	─────	──────
─────────────────────	────	───	───	─────	──────────────────────────	──────────────	─────────────	─────────────────────────────	───────	─────	────────	────────────────────────────────────────────────────
──────────────────────────	─────	──────	────	────	─────────────────	───────	───────────────────────────────────────────	─────────	────	────────
───────────────────	──	────	───	─────	────────────────────────────	──────────────	─────────────────────────────	────	───────	────	────────────────────────────────────────────────────────────────
─────────────────────	────	──────	───	───	──────────────────────────────	─────────────	─────────	───────────────────────────────────────────────────────	─────────	─────	─────────
─────────────────	───	────	──────	───	─────────────────────────────────────	────────────	──────────────────────	─────────	──────	────────
─────────────	───	───	────	──────	─────────────────────────────────────────────	──────────	─────────────────────────────────────────────────	─────────	───────	───────
──────────────────────	──	───	────	─────	────────────────────────────	─────────────	──────────────────────────────────────────────────────────	──────	─────	────	──────────────────────────────────────────────────────────
──────────────	────	────	───────	───	────────────────────────	───────	───────────────────────────────────────────────────	───────	──────	────	───────────────────────────────────────────────────────────
─────────────────────────	──	───	────	─────	───────────────────────────────────	──────	──────────────	─────────────────────────────────────	──────────	──────	────────
─────────────────────────	───	─────	──────	───	───────────────────────	───────	───────────────────────────────────────────────────────────	──────	──────	────	──────────────────────────────────────────────────
──────────────	──	─────	─────	─────	─────────────────────────────────────────	────────────────	─────────────────────────────────────	─────	─────	────────	───────────────────────────────────────
──────────────	──	────	────	────	─────────────────────────────	─────────────	─────────────────────────────────────────────────────	────	───	─────────
───────────	──	────	────	─────	────────────────────────────────────	─────────────	─────────────────────────────	───────	──────	─────
─────────────────────	──	───	──────	────	───────────────────────────────────────────	───────────────	──────────────────────────────────	──────	───	────────
───────────────────────────	───	───────	───────	───	────────────────────────────	───────	───────────────────────────────────────────────	───────	──────	──────────	───────────────────────────────────────────
──────────────────────────	───	────	──────	─────	──────────────────────────────	─────────	────────────────	──────────────────────────	─────	────────	──────
───────────────	───	────	───	───	───────────────────────────────	────────────	─────────	──────────────────────────────────	────	───	──────
─────────────	────	───	────	─────	─────────────────────────────────	─────────────────	──────────────────────────────────────────────	────────	──────	────────
───────────	──	────	───────	───	─────────────────	──────────────	──────────────────────────────────────────────────────────────	─────	───────	────────
─────────────────────────	────	───────	────	───	──────────────────────────────────────	───────────────	───────────────────────────────────	────────	───────	─────	──────────────────────────────────────────────────────────────
──────────────────────	────	──────	────	──────	──────────────────────────────────	────────	────────────────────────────────────────────	──────	──────	────
──────────	───	──────	─────	───	──────────────────────────────────────────────	───────────────	──────────────────────────────────────────────────────	────	─────	────────
─────────────────────────	─────	────	───	──────	─────────────────────────	───────	─────────────────	─────────────────────────────────────────────────	─────	──────	────────	──────────────────────────────
──────────────	────	────	──	───	────────────────	──────	────────────	──────────────────────────────────────────	────────	────	────	─────────────────────────────────────────────────────────
─────────────────	────	───────	───────	──────	────────────────────────────────────────	───────────	─────────────	─────────────────────────────────	─────	──────	─────────
────────────────	───	────	────	───	────────────────────────────────────────────	─────────────	────────────────────────────────────────────────────────────	─────	───	─────────
──────────────	──	─────	───	───	──────────────────────────────	───────────	────────────────────────────────────────────────────────────	────────	────	───────	─────────────────────────────────────────────────────────────────────────────
──────────────────	──	───	────	──	───────────────────	────────────	────────────────────────────────────	───────	───────	─────
───────────────	───	───	─────	─────	─────────────────────────────────────	────────	────────────────────────────────────────────────	─────────	────────	──────
─────────────────	───	──────	───	──	───────────────────────────────────────	──────────────	───────────────────────────────────────────────────────────	───────	───────	────────	──────────────────────────────────────────────────────────────────────────
──────────────────	────	───	──────	────	───────────────────────	────────────────	───────────────────────────────────────	────	────	─────	─────────────────────────────────────────
──────────────────────────	───	───	───────	──	──────────────────────────	──────────────	──────────────────────────────────	────	──────	──────
──────────────────	──	─────	────	─────	─────────────────────────────────────────	──────────────────	──────────────────────	───────	────────	───────
────────────	────	─────	───────	──	────────────────────────────────────	─────────────────	───────────────────────────────────────────	──────	───────	───────
───────────────────────────	─────	────	──	────	──────────────────────────────────────────	───────	────────────	────────────────────────────	─────────	──────	────
─────────────────────────	───	───────	────	─────	──────────────────────────	────────────	────────────────────────────	───────	───────	─────────
──────────────	────	────	────	────	──────────────────────	───────	──────	───────────────────────────────────────────────	───────	────	─────────
───────────	──	────	───	───	────────────────────────────────────────	──────────	─────────────────────────────────────	───────	───────	───────
────────────────	────	────	───	────	─────────────────────────────────	─────────────────	─────────────────────────────────────	─────	──────	─────	─────────────────────────────────────
──────────────────────	───	──────	───────	──────	─────────────────────────────────────────	─────────	─────────────────────────────────────────────────────────	──────────	───────	─────
────────────────────────────	───	─────	───	─────	───────────────────────────────────────	────────────────	──────────────────────────────────	───────	───────	────────	────────────────────────────────────────────
───────────────	─────	─────	─────	─────	──────────────────────	───────	─────────────────────────────────────────	─────────	────	─────────
───────────────────────────	────	──────	────	─────	────────────────────────────────	────────────	─────────────	─────────────────────────────────────	─────────	────	────────	────────────────────────────────────────────────────────────────────
─────────────────────	────	──────	────	────	──────────────────────────────────	────────────────	─────────────────────────────────────────────────	────	────────	──────
────────────────	───	────	────	────	────────────────────────────────────────	────────────────	──────────────────────────────────────────────	──────	─────	─────	─────────────────────────────────────────────────────────────────────
──────────	──	────	─────	─────	──────────────────────────	────────────────	─────────────────────────────────────	──────────	─────	─────────
──────────	──	───────	───	─────	──────────────────────────────────────────	──────────────	─────────────────	──────────────────────────────	─────	─────	────	──────────────────────────────────────────────────────────────────────────────────
────────────	────	───────	─────	─────	────────────────────────────────────	───────────	──────────────	──────────────────────────────────────────────────────────	───────	────	───────	──────────────────────────────────────────────────────────────────────────
───────────────	────	───────	──────	─────	─────────────────────────────────────────────	─────────	─────────	──────────────────────────────────────────────────────────────	───────	────	────────	─────────────────────────────────────────────────────
───────────────────────	─────	───	────	───	──────────────────────────────────────────	─────────	─────────────────	────────────────────────────────────────────	──────────	───────	─────────	────────────────────────────────────────────────────────────────────────────
──────────────────	────	─────	──────	─────	────────────────────────────	──────────────	────────────────────────────────────────────────	────────	───	─────────
────────────────	───	─────	──────	────	───────────────────	───────────	─────────────────	─────────────────────────────────	───────	─────	────	─────────────────────────────
──────────────────────	────	───	──────	────	───────────────────────	────────────────	────────────────────────────────────────────────	──────	──────	─────────
─────────────────────	───	────	──	───	──────────────────────	────────	─────────────────	─────────────────────────────────────────────────────────	─────────	────────	─────	──────────────────────────────────────────────────────────
─────────────────────	────	────	─────	──	───────────────────────────────	────────────	───────────────────────────────────────────────	─────────	─────	────	────────────────────────────────────────────
────────────────	───	─────	──────	────	────────────────────────────────	────────────	────────────────────────────────────────────────────	───────	───	───────
──────────────────	───	───	───	─────	───────────────────────────────────	────────────────	────────────────────────────────────────────────────	─────	────	──────────	────────────────────────────────────────────────
─────────────────────	───	─────	────	──────	──────────────────────────	───────	──────	─────────────────────────────────────────────────────────	────────	───	────────
──────────────────────────	──	───	───────	────	─────────────────────────────────────	───────────	────────────────────────────────	─────	───	────	──────────────────────────────
───────────────────────	──	─────	────	────	────────────────────────	──────────	────────────────────────────────────────	──────────	─────	───────
───────────────────────────	─────	───────	────	──	───────────────────────────────────	─────────	─────────────────	──────────────────────────────────────────────────────────	──────	────	────────	────────────────────────────────
────────────	────	──────	─────	─────	───────────────────────────────────────	───────	─────────────────────────────────────────	─────	────	──────	────────────────────────────────────────────
───────────────────────	─────	───────	───	─────	──────────────────────────────	────────	────────────────────────────────────	──────	─────	──────────	────────────────────────────────────
────────────────────────	────	─────	───	───	──────────────────────	───────	───────────────────────────────────────	──────	────────	────────
───────────	───	──────	───────	──────	──────────────────────────	───────────────	────────────────────────────────────────────────────────────	──────	────	────
───────────────────────────	──	──────	───	────	─────────────────────────────────	──────────	────────────	─────────────────────────────────────────────────	─────────	───	─────────
──────────────────────	───	─────	──────	────	───────────────────────────────────────	────────────	────────────────────────────────────────────────────────	────	────────	─────	──────────────────────────────────────────────
─────────────	──	───────	────	─────	─────────────────────────	────────────	───────────────────────────────────────────────────	──────	──────	────────	─────────────────────────────────────────────────
─────────────────────	────	────	──────	────	────────────────────	────────────────	──────────────────────────────────────────────────────────	─────	────	────	───────────────────────────────────────────────────────────────────────────
──────────────	─────	────	─────	───	────────────────────────	──────────	───────────────────────────────────────────────────	────	───────	─────
